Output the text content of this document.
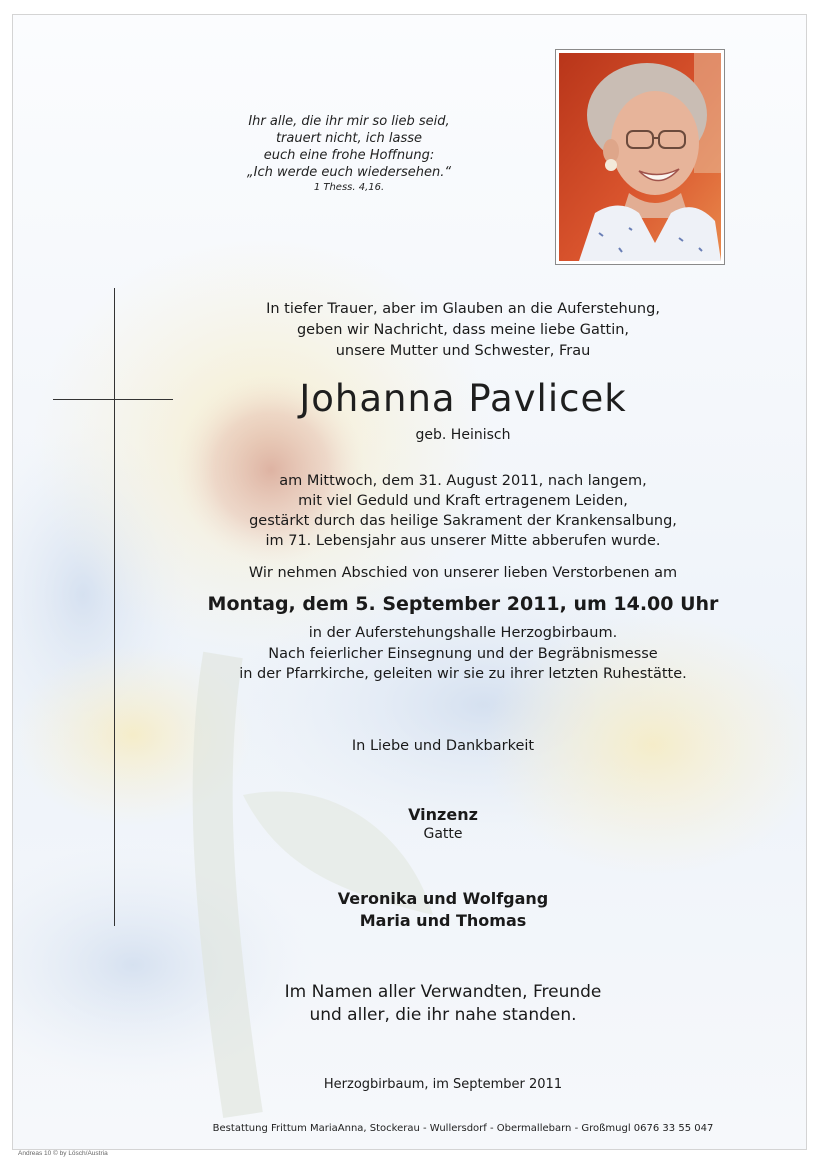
Ihr alle, die ihr mir so lieb seid,
trauert nicht, ich lasse
euch eine frohe Hoffnung:
„Ich werde euch wiedersehen.“
1 Thess. 4,16.
In tiefer Trauer, aber im Glauben an die Auferstehung,
geben wir Nachricht, dass meine liebe Gattin,
unsere Mutter und Schwester, Frau
Johanna Pavlicek
geb. Heinisch
am Mittwoch, dem 31. August 2011, nach langem,
mit viel Geduld und Kraft ertragenem Leiden,
gestärkt durch das heilige Sakrament der Krankensalbung,
im 71. Lebensjahr aus unserer Mitte abberufen wurde.
Wir nehmen Abschied von unserer lieben Verstorbenen am
Montag, dem 5. September 2011, um 14.00 Uhr
in der Auferstehungshalle Herzogbirbaum.
Nach feierlicher Einsegnung und der Begräbnismesse
in der Pfarrkirche, geleiten wir sie zu ihrer letzten Ruhestätte.
In Liebe und Dankbarkeit
Vinzenz
Gatte
Veronika und Wolfgang
Maria und Thomas
Im Namen aller Verwandten, Freunde
und aller, die ihr nahe standen.
Herzogbirbaum, im September 2011
Bestattung Frittum MariaAnna, Stockerau - Wullersdorf - Obermallebarn - Großmugl 0676 33 55 047
Andreas 10 © by Lösch/Austria
